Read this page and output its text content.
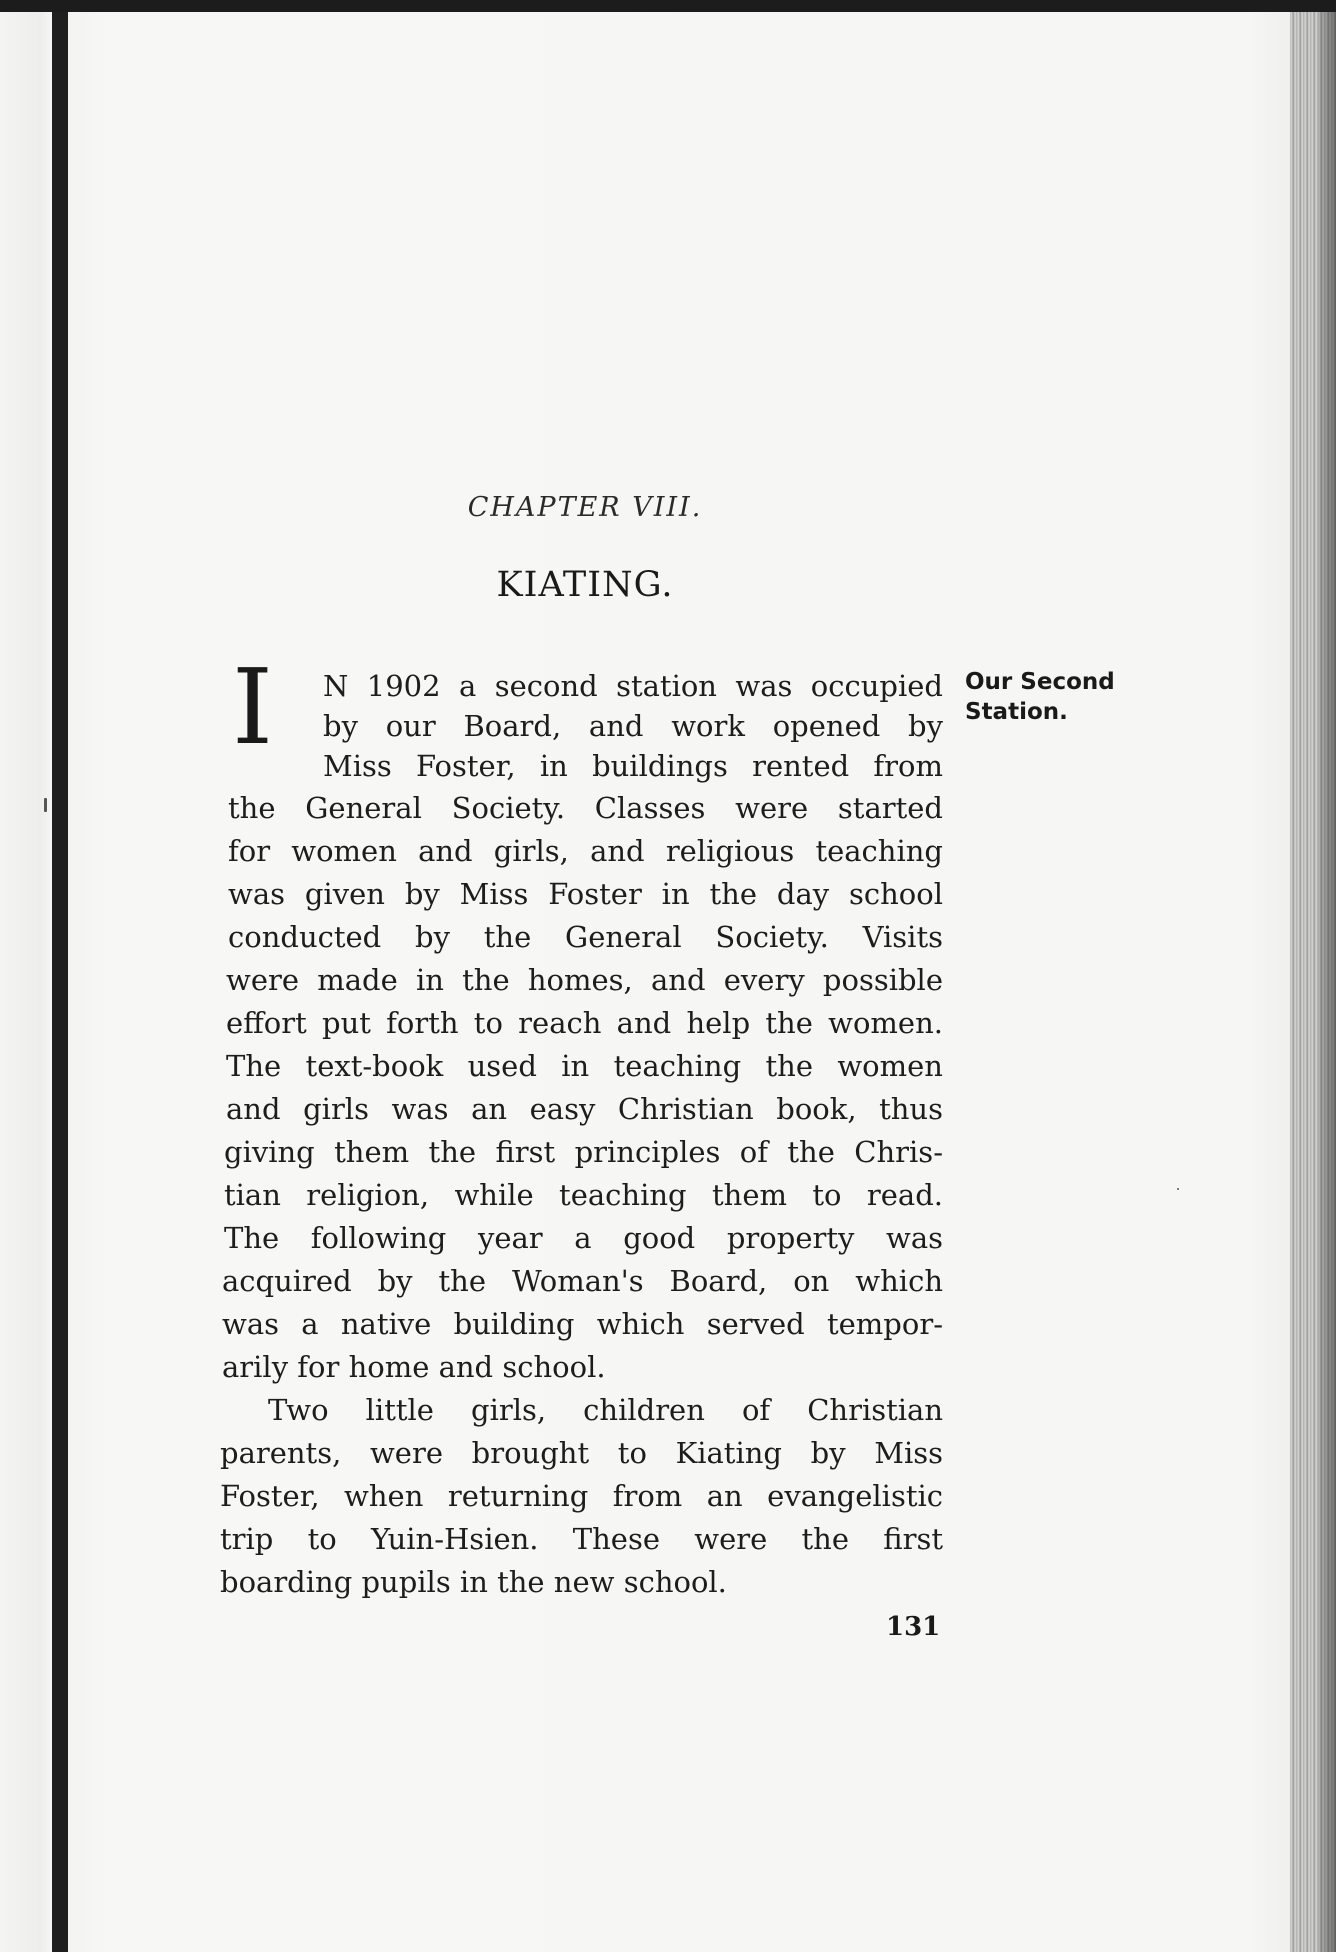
CHAPTER VIII.
KIATING.
I N 1902 a second station was occupied
by our Board, and work opened by
Miss Foster, in buildings rented from
the General Society. Classes were started
for women and girls, and religious teaching
was given by Miss Foster in the day school
conducted by the General Society. Visits
were made in the homes, and every possible
effort put forth to reach and help the women.
The text-book used in teaching the women
and girls was an easy Christian book, thus
giving them the first principles of the Chris-
tian religion, while teaching them to read.
The following year a good property was
acquired by the Woman's Board, on which
was a native building which served tempor-
arily for home and school.
Two little girls, children of Christian
parents, were brought to Kiating by Miss
Foster, when returning from an evangelistic
trip to Yuin-Hsien. These were the first
boarding pupils in the new school.
Our Second
Station.
131
